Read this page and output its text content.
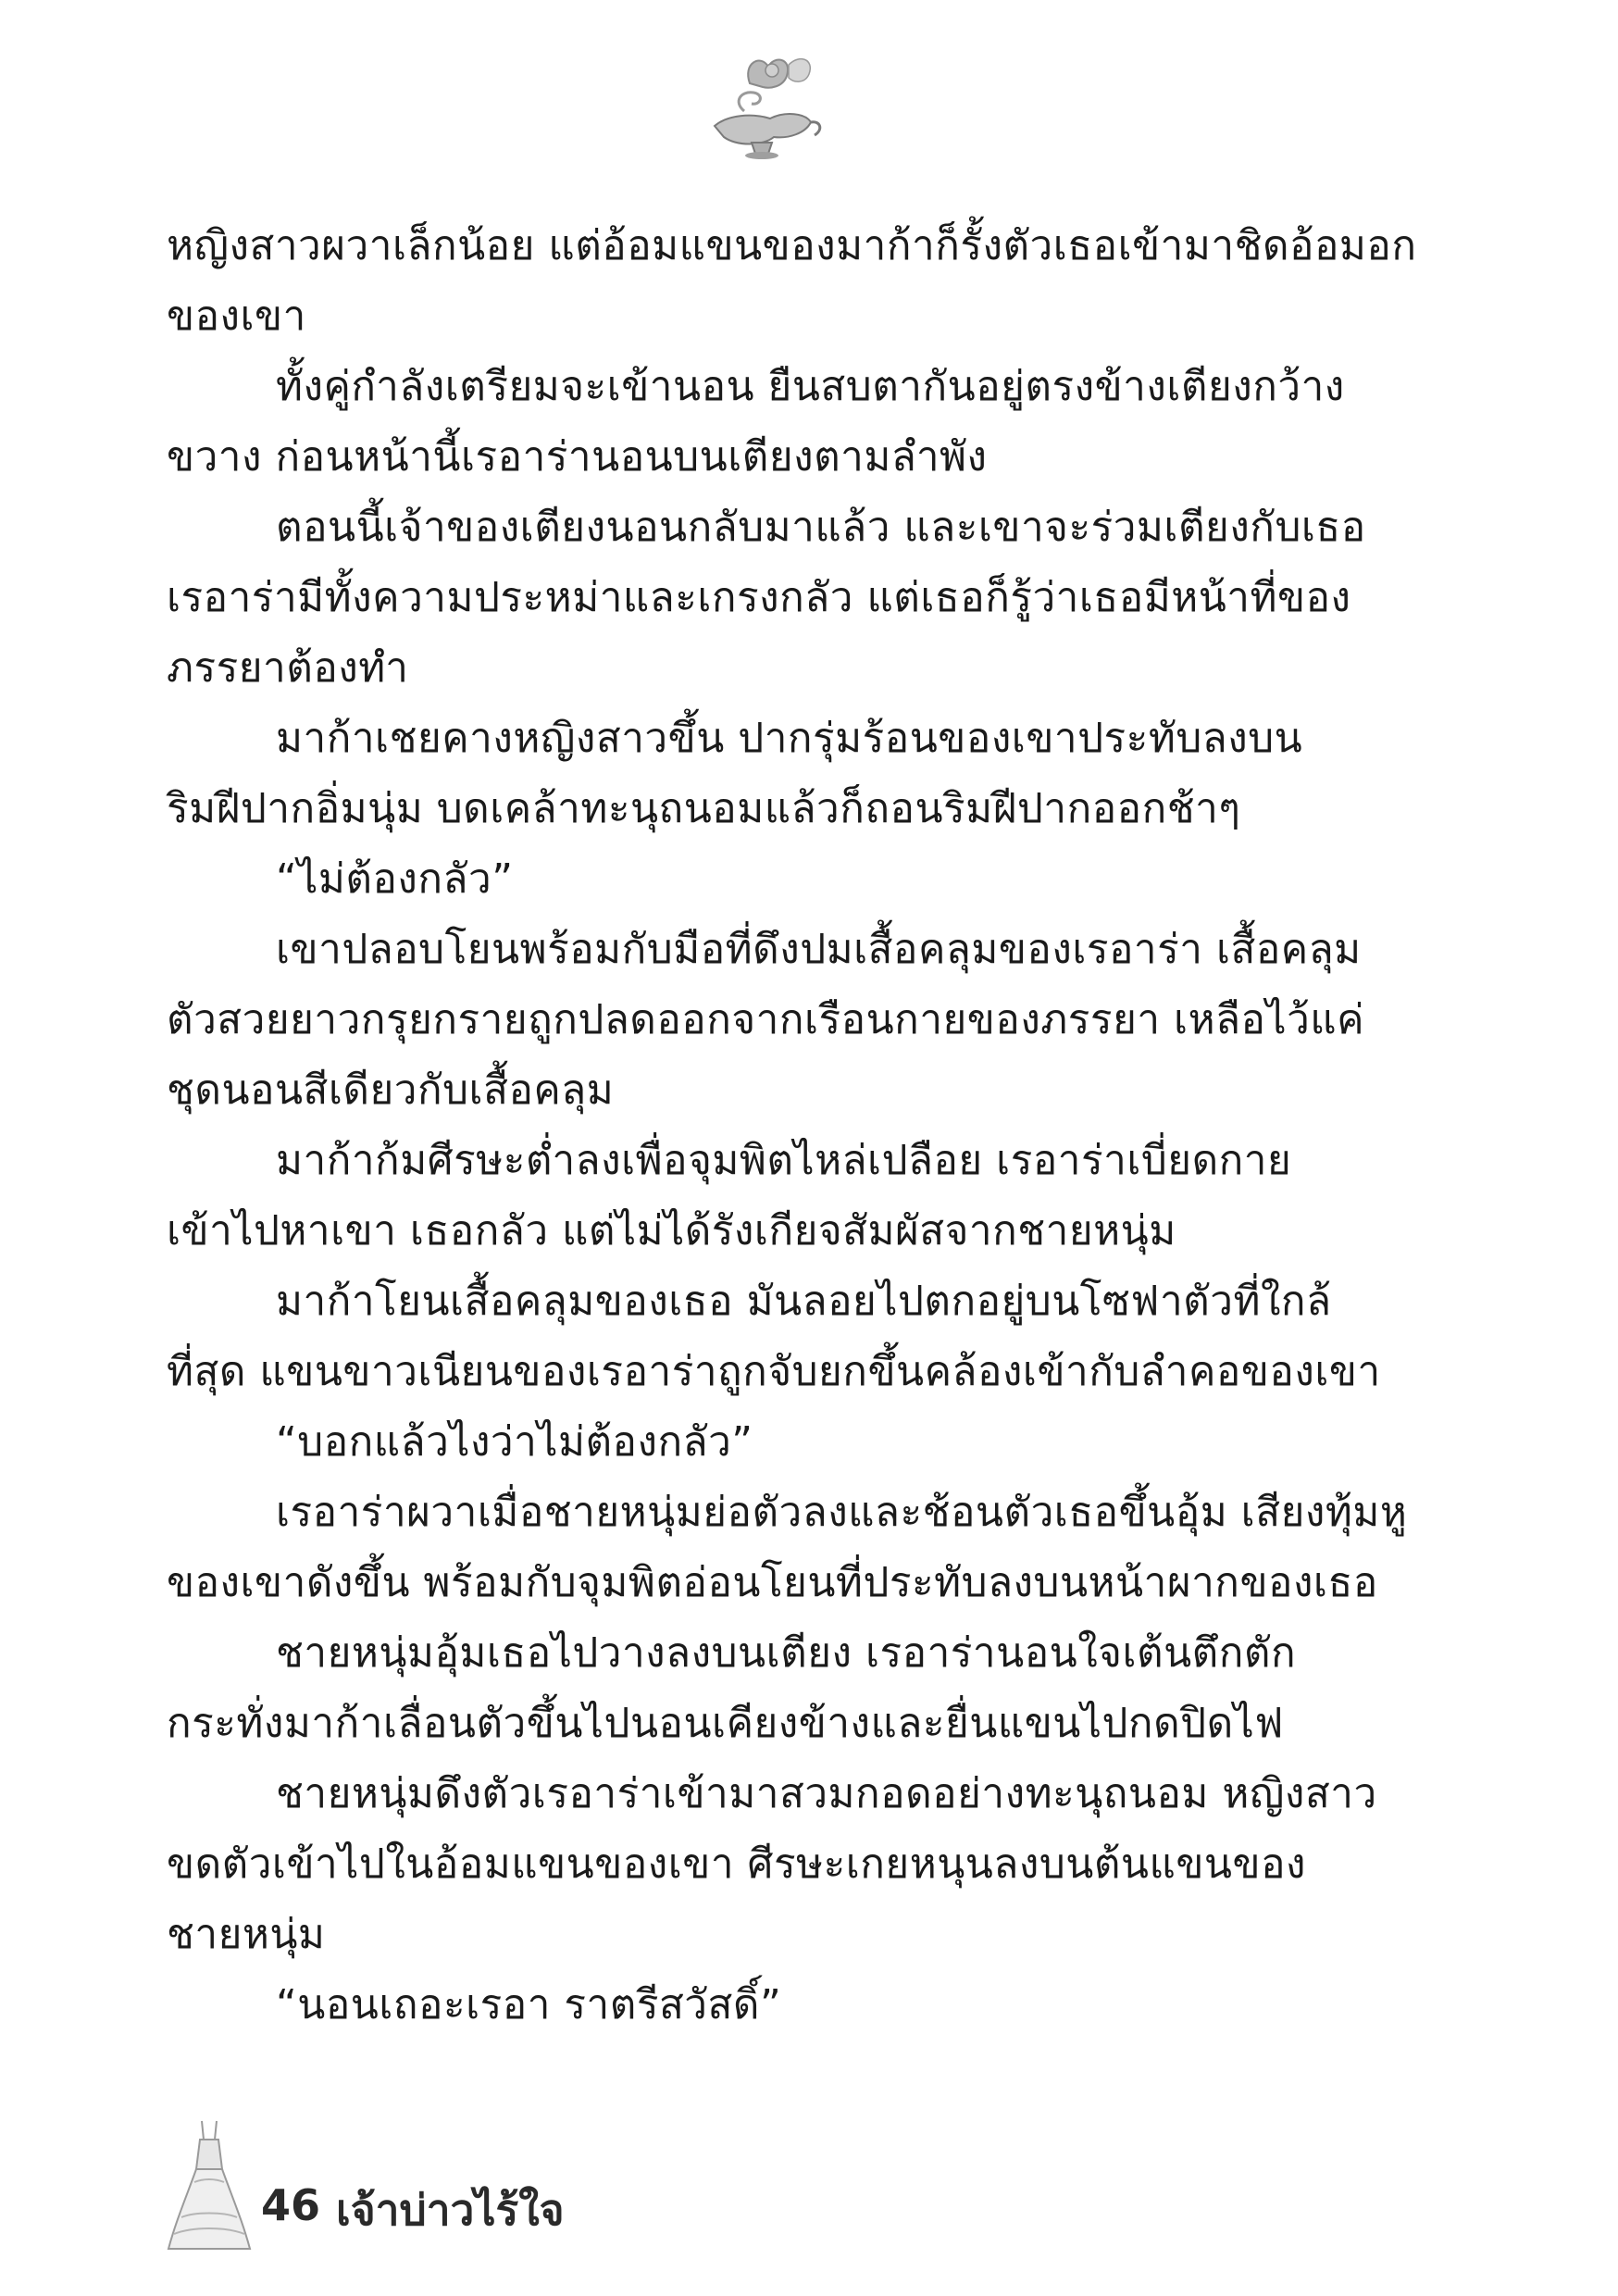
หญิงสาวผวาเล็กน้อย แต่อ้อมแขนของมาก้าก็รั้งตัวเธอเข้ามาชิดอ้อมอก
ของเขา
ทั้งคู่กำลังเตรียมจะเข้านอน ยืนสบตากันอยู่ตรงข้างเตียงกว้าง
ขวาง ก่อนหน้านี้เรอาร่านอนบนเตียงตามลำพัง
ตอนนี้เจ้าของเตียงนอนกลับมาแล้ว และเขาจะร่วมเตียงกับเธอ
เรอาร่ามีทั้งความประหม่าและเกรงกลัว แต่เธอก็รู้ว่าเธอมีหน้าที่ของ
ภรรยาต้องทำ
มาก้าเชยคางหญิงสาวขึ้น ปากรุ่มร้อนของเขาประทับลงบน
ริมฝีปากอิ่มนุ่ม บดเคล้าทะนุถนอมแล้วก็ถอนริมฝีปากออกช้าๆ
“ไม่ต้องกลัว”
เขาปลอบโยนพร้อมกับมือที่ดึงปมเสื้อคลุมของเรอาร่า เสื้อคลุม
ตัวสวยยาวกรุยกรายถูกปลดออกจากเรือนกายของภรรยา เหลือไว้แค่
ชุดนอนสีเดียวกับเสื้อคลุม
มาก้าก้มศีรษะต่ำลงเพื่อจุมพิตไหล่เปลือย เรอาร่าเบี่ยดกาย
เข้าไปหาเขา เธอกลัว แต่ไม่ได้รังเกียจสัมผัสจากชายหนุ่ม
มาก้าโยนเสื้อคลุมของเธอ มันลอยไปตกอยู่บนโซฟาตัวที่ใกล้
ที่สุด แขนขาวเนียนของเรอาร่าถูกจับยกขึ้นคล้องเข้ากับลำคอของเขา
“บอกแล้วไงว่าไม่ต้องกลัว”
เรอาร่าผวาเมื่อชายหนุ่มย่อตัวลงและช้อนตัวเธอขึ้นอุ้ม เสียงทุ้มหู
ของเขาดังขึ้น พร้อมกับจุมพิตอ่อนโยนที่ประทับลงบนหน้าผากของเธอ
ชายหนุ่มอุ้มเธอไปวางลงบนเตียง เรอาร่านอนใจเต้นตึกตัก
กระทั่งมาก้าเลื่อนตัวขึ้นไปนอนเคียงข้างและยื่นแขนไปกดปิดไฟ
ชายหนุ่มดึงตัวเรอาร่าเข้ามาสวมกอดอย่างทะนุถนอม หญิงสาว
ขดตัวเข้าไปในอ้อมแขนของเขา ศีรษะเกยหนุนลงบนต้นแขนของ
ชายหนุ่ม
“นอนเถอะเรอา ราตรีสวัสดิ์”
46 เจ้าบ่าวไร้ใจ
